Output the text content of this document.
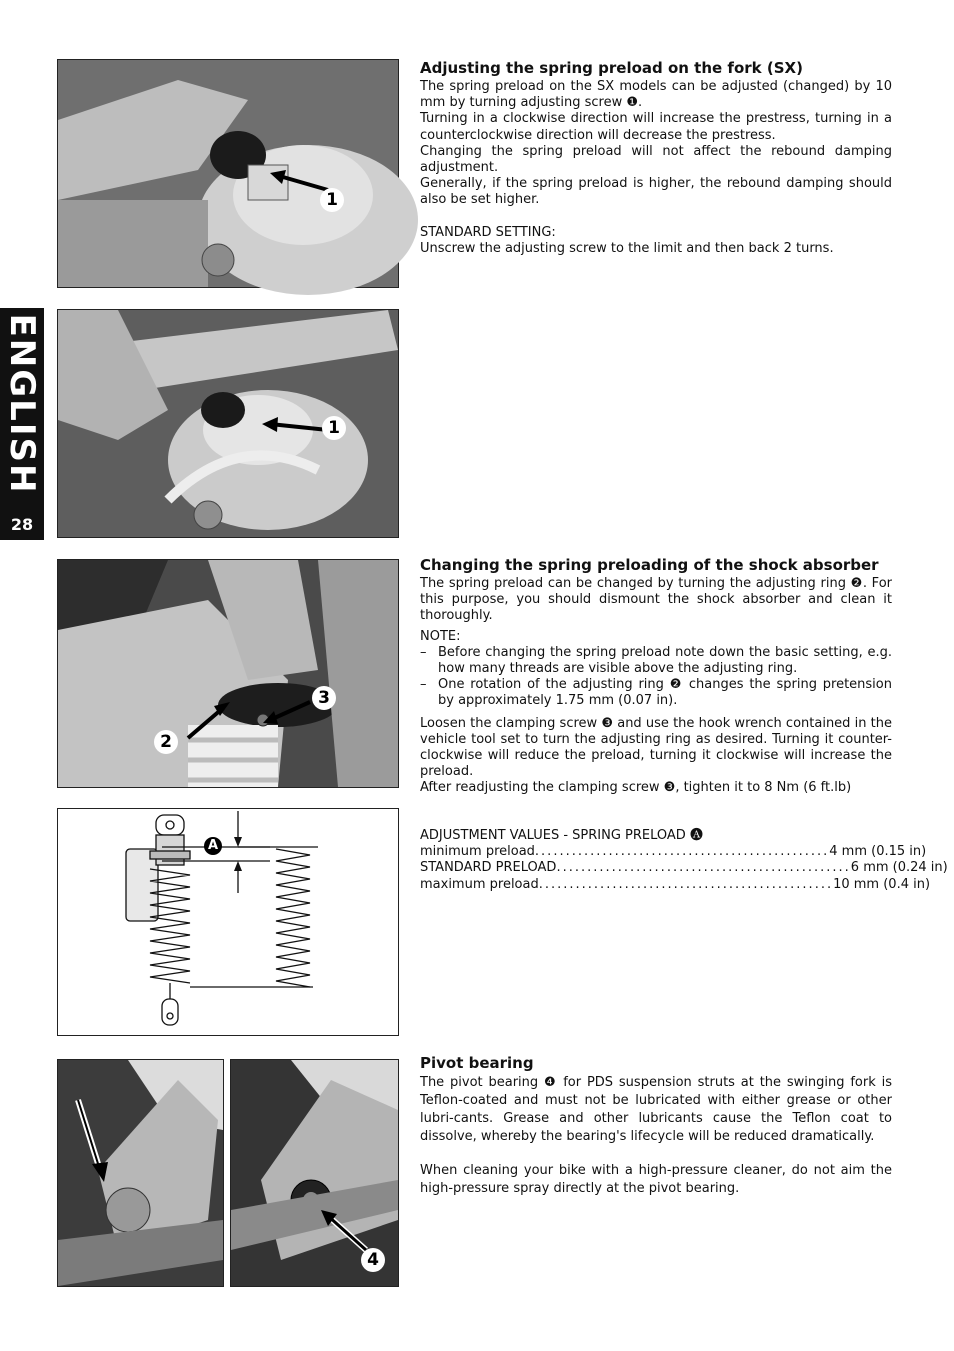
ENGLISH
28
1
1
2
3
A
4
Adjusting the spring preload on the fork (SX)

The spring preload on the SX models can be adjusted (changed) by 10 mm by turning adjusting screw ❶.

Turning in a clockwise direction will increase the prestress, turning in a counterclockwise direction will decrease the prestress.

Changing the spring preload will not affect the rebound damping adjustment.

Generally, if the spring preload is higher, the rebound damping should also be set higher.

STANDARD SETTING:

Unscrew the adjusting screw to the limit and then back 2 turns.

Changing the spring preloading of the shock absorber

The spring preload can be changed by turning the adjusting ring ❷. For this purpose, you should dismount the shock absorber and clean it thoroughly.

NOTE:

– Before changing the spring preload note down the basic setting, e.g. how many threads are visible above the adjusting ring.
– One rotation of the adjusting ring ❷ changes the spring pretension by approximately 1.75 mm (0.07 in).

Loosen the clamping screw ❸ and use the hook wrench contained in the vehicle tool set to turn the adjusting ring as desired. Turning it counter-clockwise will reduce the preload, turning it clockwise will increase the preload.

After readjusting the clamping screw ❸, tighten it to 8 Nm (6 ft.lb)

ADJUSTMENT VALUES - SPRING PRELOAD 🅐
minimum preload ................................................ 4 mm (0.15 in)
STANDARD PRELOAD ................................................ 6 mm (0.24 in)
maximum preload ................................................ 10 mm (0.4 in)
Pivot bearing

The pivot bearing ❹ for PDS suspension struts at the swinging fork is Teflon-coated and must not be lubricated with either grease or other lubri-cants. Grease and other lubricants cause the Teflon coat to dissolve, whereby the bearing's lifecycle will be reduced dramatically.

When cleaning your bike with a high-pressure cleaner, do not aim the high-pressure spray directly at the pivot bearing.
